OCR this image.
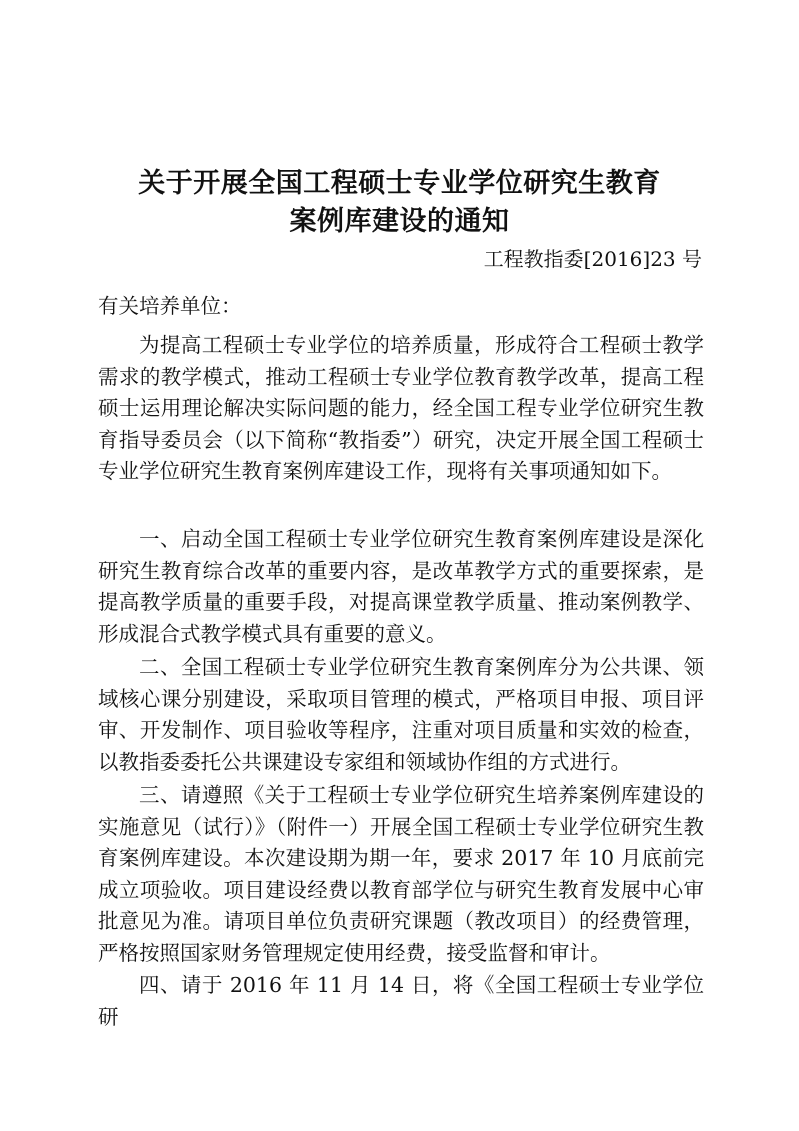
关于开展全国工程硕士专业学位研究生教育
案例库建设的通知
工程教指委[2016]23 号
有关培养单位：

为提高工程硕士专业学位的培养质量，形成符合工程硕士教学需求的教学模式，推动工程硕士专业学位教育教学改革，提高工程硕士运用理论解决实际问题的能力，经全国工程专业学位研究生教育指导委员会（以下简称“教指委”）研究，决定开展全国工程硕士专业学位研究生教育案例库建设工作，现将有关事项通知如下。

一、启动全国工程硕士专业学位研究生教育案例库建设是深化研究生教育综合改革的重要内容，是改革教学方式的重要探索，是提高教学质量的重要手段，对提高课堂教学质量、推动案例教学、形成混合式教学模式具有重要的意义。

二、全国工程硕士专业学位研究生教育案例库分为公共课、领域核心课分别建设，采取项目管理的模式，严格项目申报、项目评审、开发制作、项目验收等程序，注重对项目质量和实效的检查，以教指委委托公共课建设专家组和领域协作组的方式进行。

三、请遵照《关于工程硕士专业学位研究生培养案例库建设的实施意见（试行）》（附件一）开展全国工程硕士专业学位研究生教育案例库建设。本次建设期为期一年，要求 2017 年 10 月底前完成立项验收。项目建设经费以教育部学位与研究生教育发展中心审批意见为准。请项目单位负责研究课题（教改项目）的经费管理，严格按照国家财务管理规定使用经费，接受监督和审计。

四、请于 2016 年 11 月 14 日，将《全国工程硕士专业学位研
